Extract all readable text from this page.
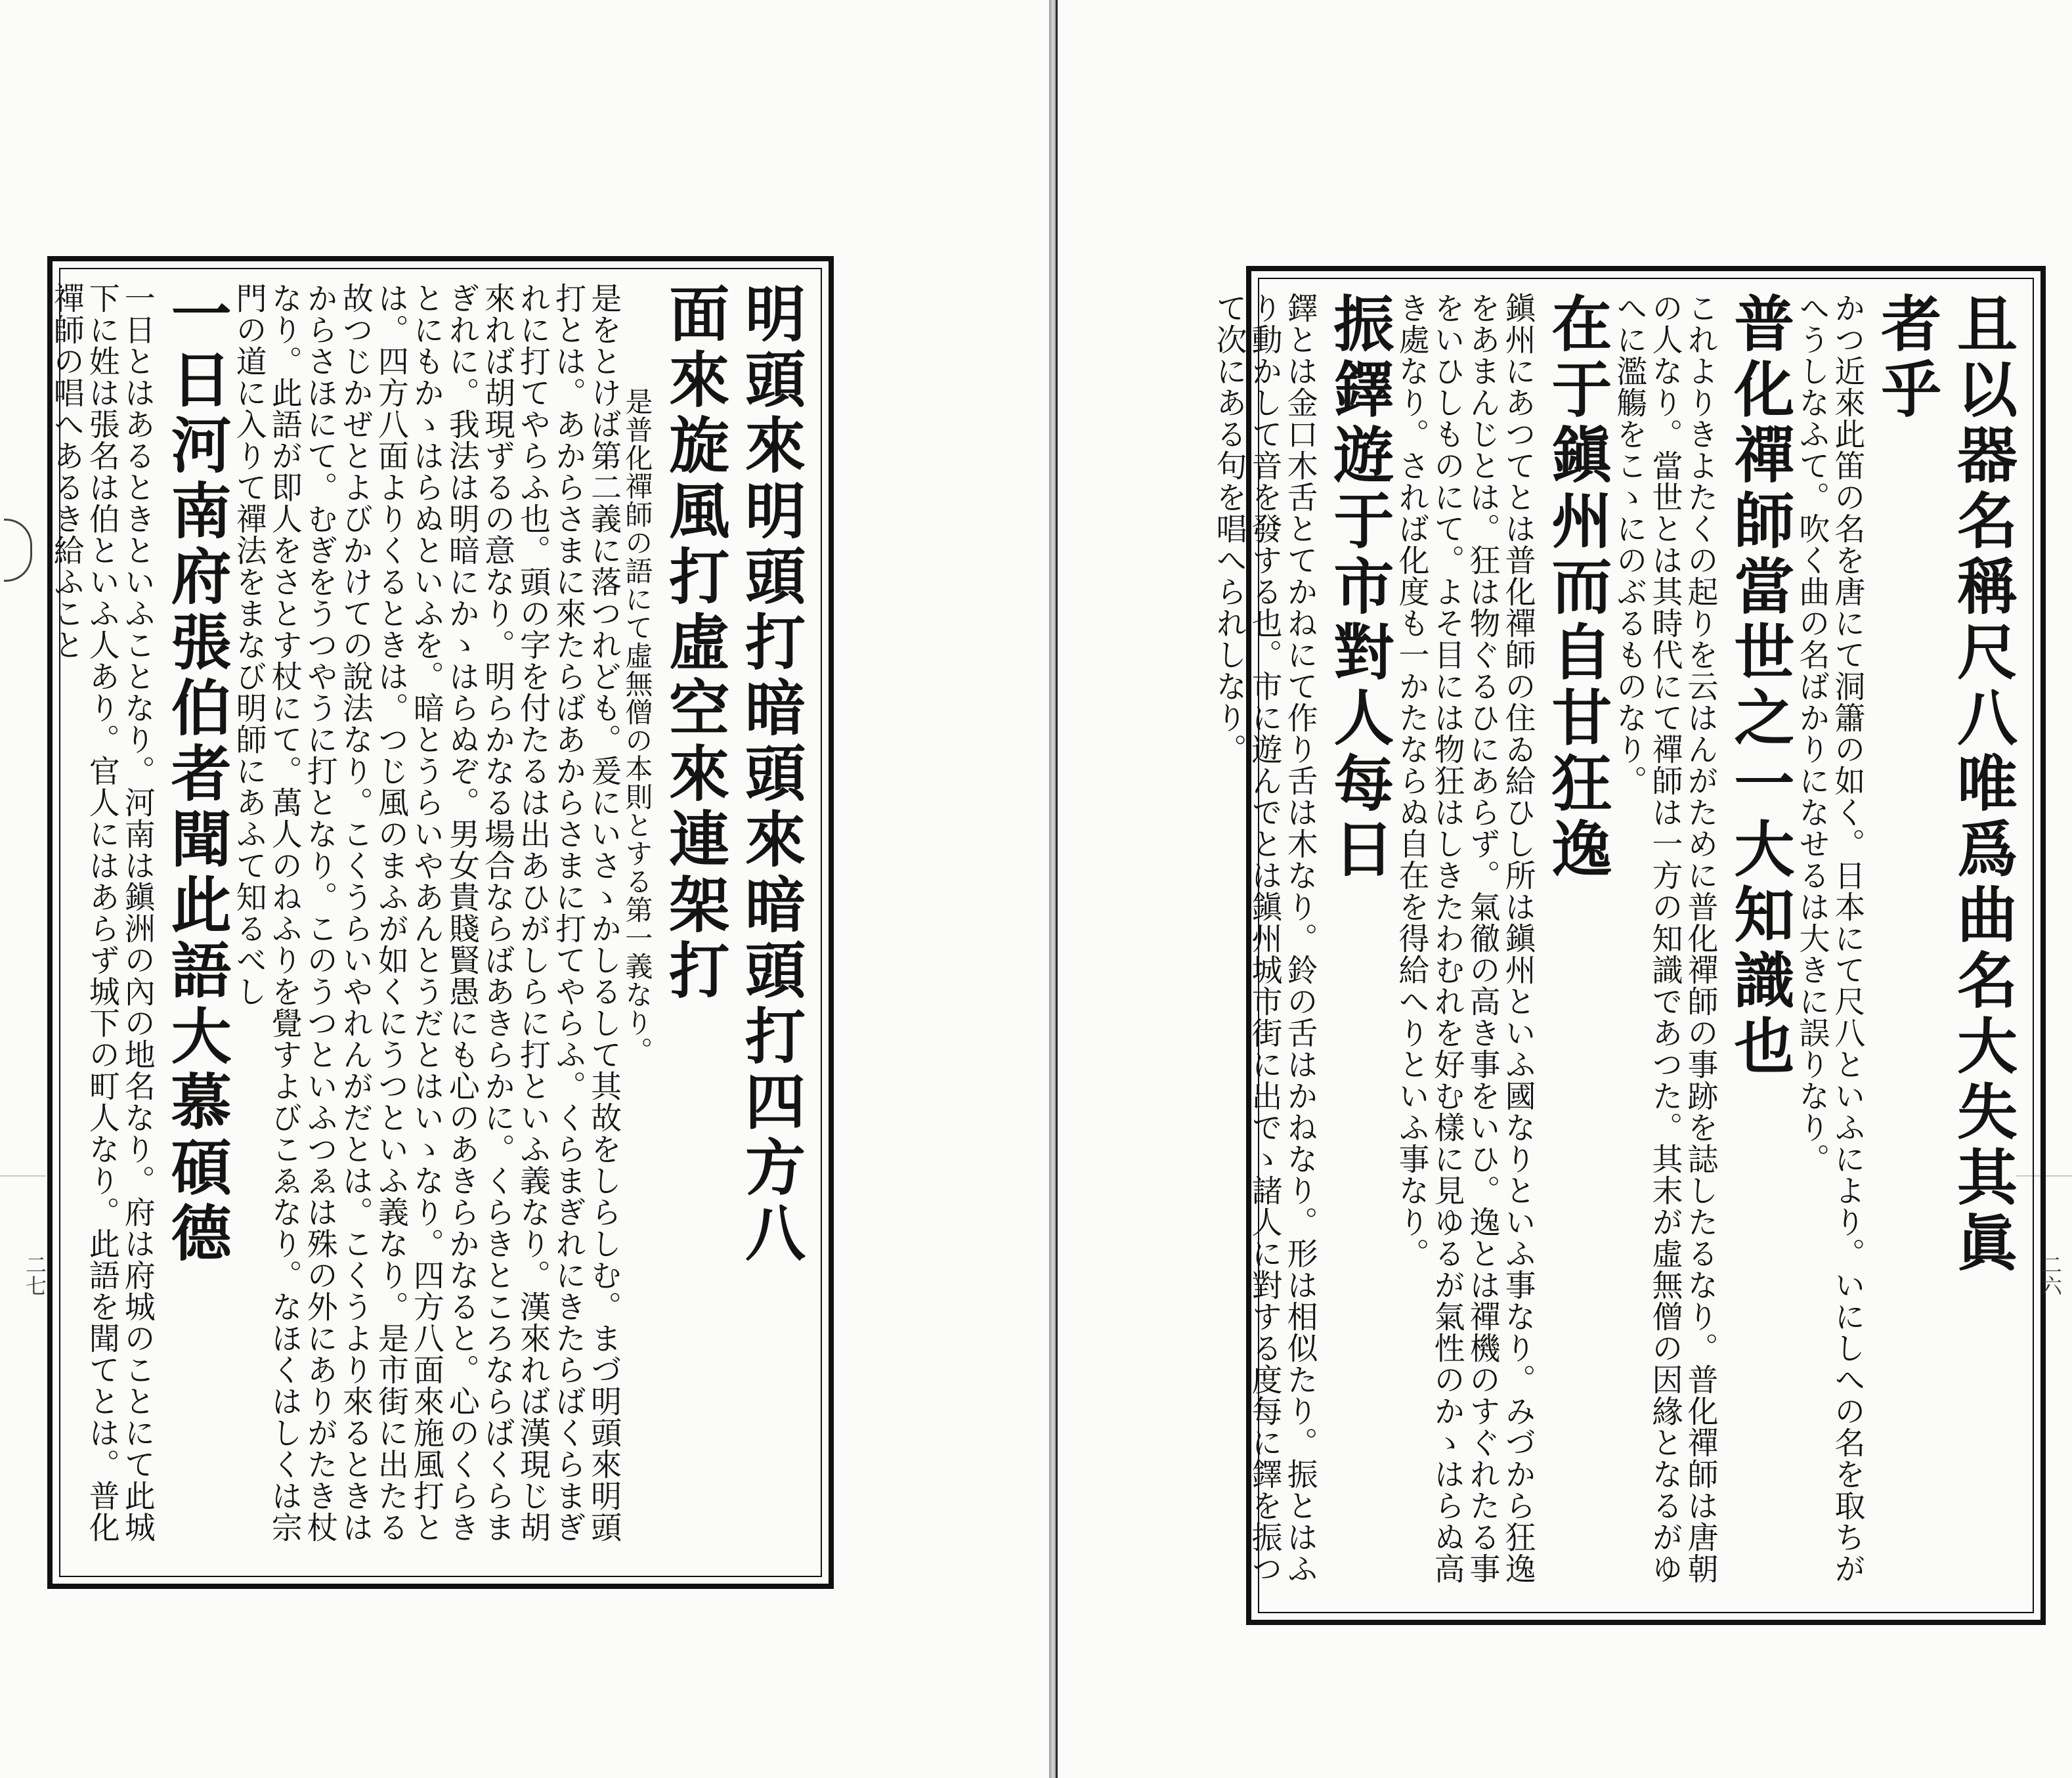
明頭來明頭打暗頭來暗頭打四方八
面來旋風打虛空來連架打
是普化禪師の語にて虛無僧の本則とする第一義なり。
是をとけば第二義に落つれども。爰にいさゝかしるして其故をしらしむ。まづ明頭來明頭打とは。あからさまに來たらばあからさまに打てやらふ。くらまぎれにきたらばくらまぎれに打てやらふ也。頭の字を付たるは出あひがしらに打といふ義なり。漢來れば漢現じ胡來れば胡現ずるの意なり。明らかなる場合ならばあきらかに。くらきところならばくらまぎれに。我法は明暗にかゝはらぬぞ。男女貴賤賢愚にも心のあきらかなると。心のくらきとにもかゝはらぬといふを。暗とうらいやあんとうだとはいゝなり。四方八面來施風打とは。四方八面よりくるときは。つじ風のまふが如くにうつといふ義なり。是市街に出たる故つじかぜとよびかけての說法なり。こくうらいやれんがだとは。こくうより來るときはからさほにて。むぎをうつやうに打となり。このうつといふつゑは殊の外にありがたき杖なり。此語が即人をさとす杖にて。萬人のねふりを覺すよびこゑなり。なほくはしくは宗門の道に入りて禪法をまなび明師にあふて知るべし
一日河南府張伯者聞此語大慕碩德
一日とはあるときといふことなり。河南は鎭洲の內の地名なり。府は府城のことにて此城下に姓は張名は伯といふ人あり。官人にはあらず城下の町人なり。此語を聞てとは。普化禪師の唱へあるき給ふこと
二七	且以器名稱尺八唯爲曲名大失其眞
者乎
かつ近來此笛の名を唐にて洞簫の如く。日本にて尺八といふにより。いにしへの名を取ちがへうしなふて。吹く曲の名ばかりになせるは大きに誤りなり。
普化禪師當世之一大知識也
これよりきよたくの起りを云はんがために普化禪師の事跡を誌したるなり。普化禪師は唐朝の人なり。當世とは其時代にて禪師は一方の知識であつた。其末が虛無僧の因緣となるがゆへに濫觴をこゝにのぶるものなり。
在于鎭州而自甘狂逸
鎭州にあつてとは普化禪師の住ゐ給ひし所は鎭州といふ國なりといふ事なり。みづから狂逸をあまんじとは。狂は物ぐるひにあらず。氣徹の高き事をいひ。逸とは禪機のすぐれたる事をいひしものにて。よそ目には物狂はしきたわむれを好む樣に見ゆるが氣性のかゝはらぬ高き處なり。されば化度も一かたならぬ自在を得給へりといふ事なり。
振鐸遊于市對人每日
鐸とは金口木舌とてかねにて作り舌は木なり。鈴の舌はかねなり。形は相似たり。振とはふり動かして音を發する也。市に遊んでとは鎭州城市街に出でゝ諸人に對する度每に鐸を振つて次にある句を唱へられしなり。
二六
